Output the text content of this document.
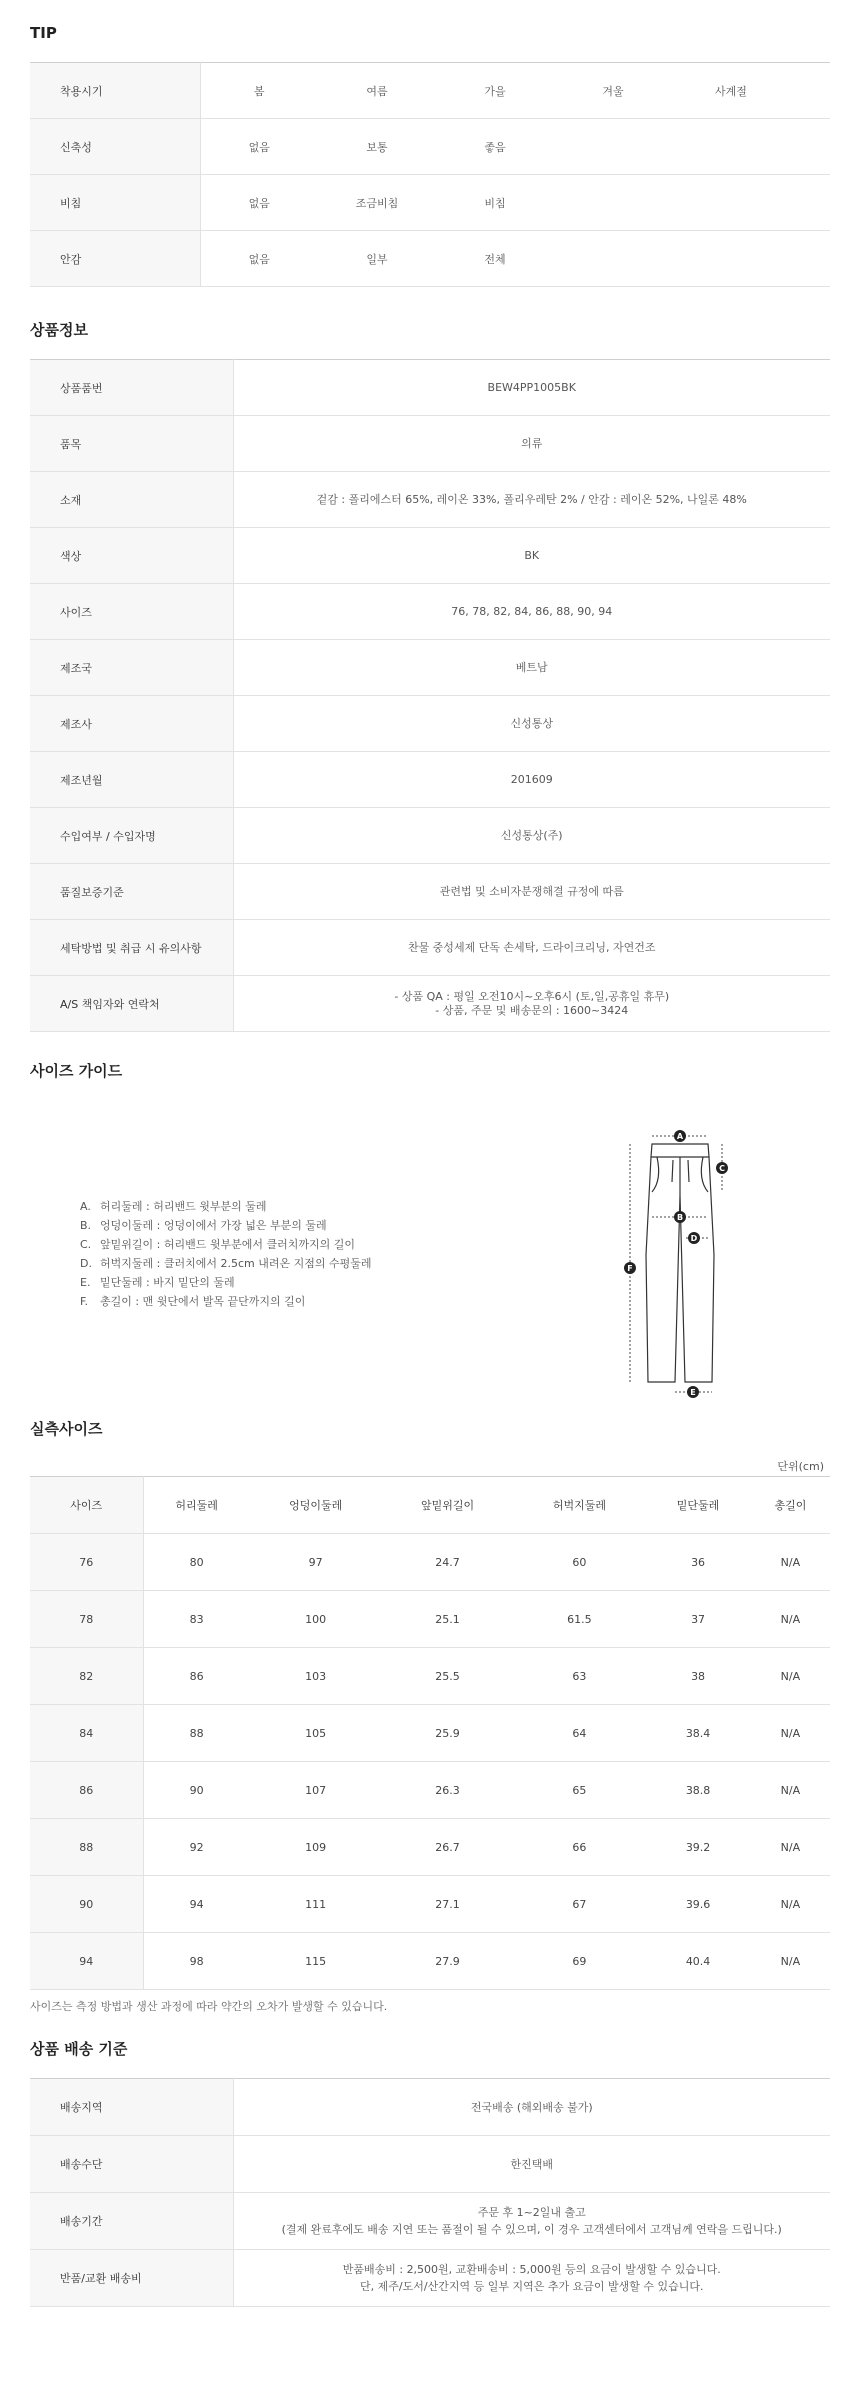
TIP
착용시기	봄	여름	가을	겨울	사계절	
신축성	없음	보통	좋음			
비침	없음	조금비침	비침			
안감	없음	일부	전체			
상품정보
상품품번	BEW4PP1005BK

품목	의류

소재	겉감 : 폴리에스터 65%, 레이온 33%, 폴리우레탄 2% / 안감 : 레이온 52%, 나일론 48%

색상	BK

사이즈	76, 78, 82, 84, 86, 88, 90, 94

제조국	베트남

제조사	신성통상

제조년월	201609

수입여부 / 수입자명	신성통상(주)

품질보증기준	관련법 및 소비자분쟁해결 규정에 따름

세탁방법 및 취급 시 유의사항	찬물 중성세제 단독 손세탁, 드라이크리닝, 자연건조

A/S 책임자와 연락처	- 상품 QA : 평일 오전10시~오후6시 (토,일,공휴일 휴무)
- 상품, 주문 및 배송문의 : 1600~3424
사이즈 가이드
A. 허리둘레 : 허리밴드 윗부분의 둘레
B. 엉덩이둘레 : 엉덩이에서 가장 넓은 부분의 둘레
C. 앞밑위길이 : 허리밴드 윗부분에서 클러치까지의 길이
D. 허벅지둘레 : 클러치에서 2.5cm 내려온 지점의 수평둘레
E. 밑단둘레 : 바지 밑단의 둘레
F. 총길이 : 맨 윗단에서 발목 끝단까지의 길이
A
B
C
D
E
F
실측사이즈
단위(cm)
사이즈	허리둘레	엉덩이둘레	앞밑위길이	허벅지둘레	밑단둘레	총길이
76	80	97	24.7	60	36	N/A
78	83	100	25.1	61.5	37	N/A
82	86	103	25.5	63	38	N/A
84	88	105	25.9	64	38.4	N/A
86	90	107	26.3	65	38.8	N/A
88	92	109	26.7	66	39.2	N/A
90	94	111	27.1	67	39.6	N/A
94	98	115	27.9	69	40.4	N/A
사이즈는 측정 방법과 생산 과정에 따라 약간의 오차가 발생할 수 있습니다.
상품 배송 기준
배송지역	전국배송 (해외배송 불가)

배송수단	한진택배

배송기간	주문 후 1~2일내 출고
(결제 완료후에도 배송 지연 또는 품절이 될 수 있으며, 이 경우 고객센터에서 고객님께 연락을 드립니다.)

반품/교환 배송비	반품배송비 : 2,500원, 교환배송비 : 5,000원 등의 요금이 발생할 수 있습니다.
단, 제주/도서/산간지역 등 일부 지역은 추가 요금이 발생할 수 있습니다.
